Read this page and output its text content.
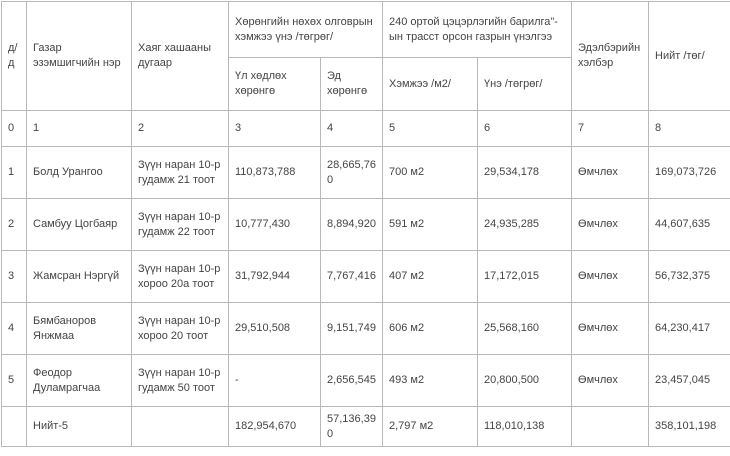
д/д	Газар эзэмшигчийн нэр	Хаяг хашааны дугаар	Хөрөнгийн нөхөх олговрын хэмжээ үнэ /төгрөг/		240 ортой цэцэрлэгийн барилга"-ын трасст орсон газрын үнэлгээ		Эдэлбэрийн хэлбэр	Нийт /төг/
			Үл хөдлөх хөрөнгө	Эд хөрөнгө	Хэмжээ /м2/	Үнэ /төгрөг/		
0	1	2	3	4	5	6	7	8
1	Болд Урангоо	Зүүн наран 10-р гудамж 21 тоот	110,873,788	28,665,760	700 м2	29,534,178	Өмчлөх	169,073,726
2	Самбуу Цогбаяр	Зүүн наран 10-р гудамж 22 тоот	10,777,430	8,894,920	591 м2	24,935,285	Өмчлөх	44,607,635
3	Жамсран Нэргүй	Зүүн наран 10-р хороо 20а тоот	31,792,944	7,767,416	407 м2	17,172,015	Өмчлөх	56,732,375
4	Бямбаноров Янжмаа	Зүүн наран 10-р хороо 20 тоот	29,510,508	9,151,749	606 м2	25,568,160	Өмчлөх	64,230,417
5	Феодор Дуламрагчаа	Зүүн наран 10-р гудамж 50 тоот	-	2,656,545	493 м2	20,800,500	Өмчлөх	23,457,045
	Нийт-5		182,954,670	57,136,390	2,797 м2	118,010,138		358,101,198
